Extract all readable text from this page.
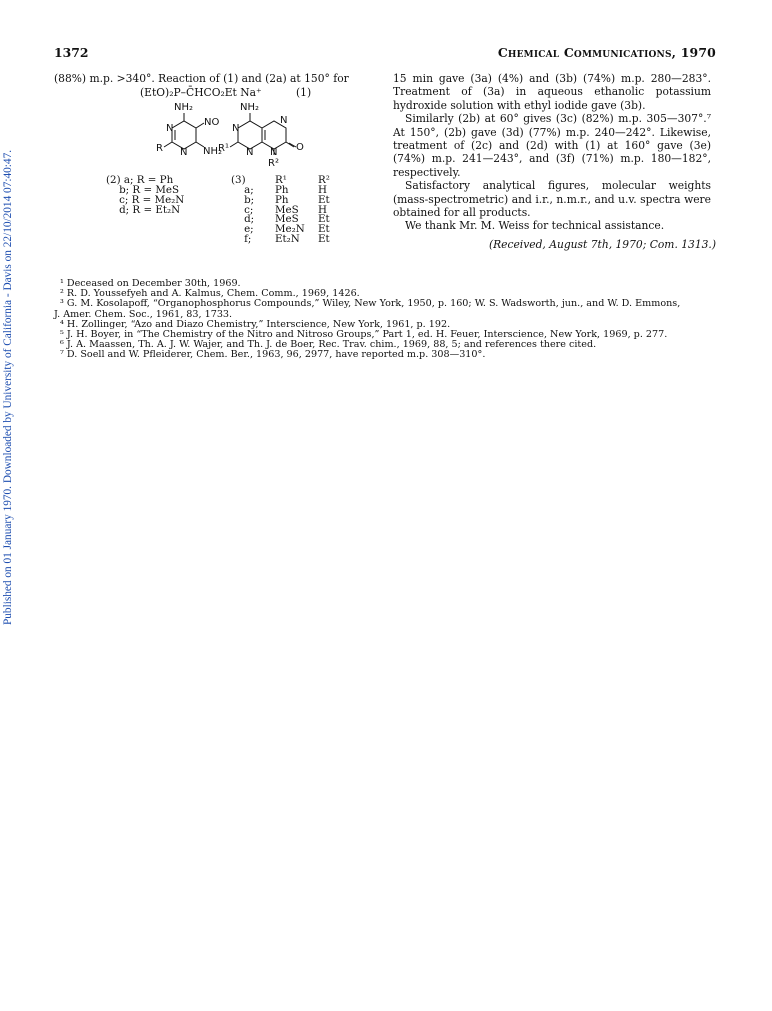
Published on 01 January 1970. Downloaded by University of California - Davis on 22/10/2014 07:40:47.
1372	Chemical Communications, 1970

(88%) m.p. >340°. Reaction of (1) and (2a) at 150° for

(EtO)₂P–C̄HCO₂Et Na⁺	(1)
NH₂
NO
N
R N NH₂
NH₂
N
N
R¹ N N
R²
O
(2) a; R = Ph
b; R = MeS
c; R = Me₂N
d; R = Et₂N
(3)
a;
b;
c;
d;
e;
f;
R¹
Ph
Ph
MeS
MeS
Me₂N
Et₂N
R²
H
Et
H
Et
Et
Et

15 min gave (3a) (4%) and (3b) (74%) m.p. 280—283°. Treatment of (3a) in aqueous ethanolic potassium hydroxide solution with ethyl iodide gave (3b).

Similarly (2b) at 60° gives (3c) (82%) m.p. 305—307°.⁷ At 150°, (2b) gave (3d) (77%) m.p. 240—242°. Likewise, treatment of (2c) and (2d) with (1) at 160° gave (3e) (74%) m.p. 241—243°, and (3f) (71%) m.p. 180—182°, respectively.

Satisfactory analytical figures, molecular weights (mass-spectrometric) and i.r., n.m.r., and u.v. spectra were obtained for all products.

We thank Mr. M. Weiss for technical assistance.

(Received, August 7th, 1970; Com. 1313.)
¹ Deceased on December 30th, 1969.
² R. D. Youssefyeh and A. Kalmus, Chem. Comm., 1969, 1426.
³ G. M. Kosolapoff, “Organophosphorus Compounds,” Wiley, New York, 1950, p. 160; W. S. Wadsworth, jun., and W. D. Emmons,
J. Amer. Chem. Soc., 1961, 83, 1733.
⁴ H. Zollinger, “Azo and Diazo Chemistry,” Interscience, New York, 1961, p. 192.
⁵ J. H. Boyer, in “The Chemistry of the Nitro and Nitroso Groups,” Part 1, ed. H. Feuer, Interscience, New York, 1969, p. 277.
⁶ J. A. Maassen, Th. A. J. W. Wajer, and Th. J. de Boer, Rec. Trav. chim., 1969, 88, 5; and references there cited.
⁷ D. Soell and W. Pfleiderer, Chem. Ber., 1963, 96, 2977, have reported m.p. 308—310°.
